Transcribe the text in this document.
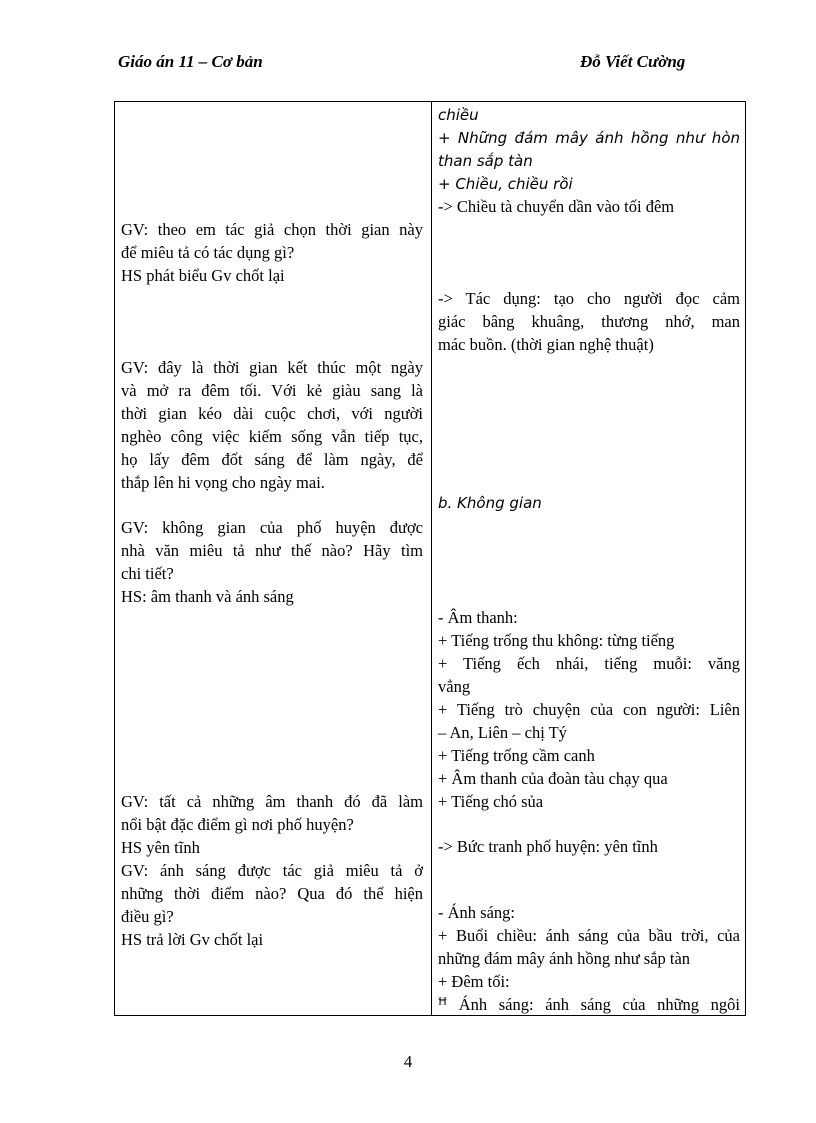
Giáo án 11 – Cơ bản	Đỗ Viết Cường
GV: theo em tác giả chọn thời gian này
để miêu tả có tác dụng gì?
HS phát biểu Gv chốt lại
GV: đây là thời gian kết thúc một ngày
và mở ra đêm tối. Với kẻ giàu sang là
thời gian kéo dài cuộc chơi, với người
nghèo công việc kiếm sống vẫn tiếp tục,
họ lấy đêm đốt sáng để làm ngày, để
thắp lên hi vọng cho ngày mai.
GV: không gian của phố huyện được
nhà văn miêu tả như thế nào? Hãy tìm
chi tiết?
HS: âm thanh và ánh sáng
GV: tất cả những âm thanh đó đã làm
nổi bật đặc điểm gì nơi phố huyện?
HS yên tĩnh
GV: ánh sáng được tác giả miêu tả ở
những thời điểm nào? Qua đó thể hiện
điều gì?
HS trả lời Gv chốt lại
chiều
+ Những đám mây ánh hồng như hòn
than sắp tàn
+ Chiều, chiều rồi
-> Chiều tà chuyển dần vào tối đêm
-> Tác dụng: tạo cho người đọc cảm
giác bâng khuâng, thương nhớ, man
mác buồn. (thời gian nghệ thuật)
b. Không gian
- Âm thanh:
+ Tiếng trống thu không: từng tiếng
+ Tiếng ếch nhái, tiếng muỗi: văng
vẳng
+ Tiếng trò chuyện của con người: Liên
– An, Liên – chị Tý
+ Tiếng trống cầm canh
+ Âm thanh của đoàn tàu chạy qua
+ Tiếng chó sủa
-> Bức tranh phố huyện: yên tĩnh
- Ánh sáng:
+ Buổi chiều: ánh sáng của bầu trời, của
những đám mây ánh hồng như sắp tàn
+ Đêm tối:
ꟸ Ánh sáng: ánh sáng của những ngôi
4
